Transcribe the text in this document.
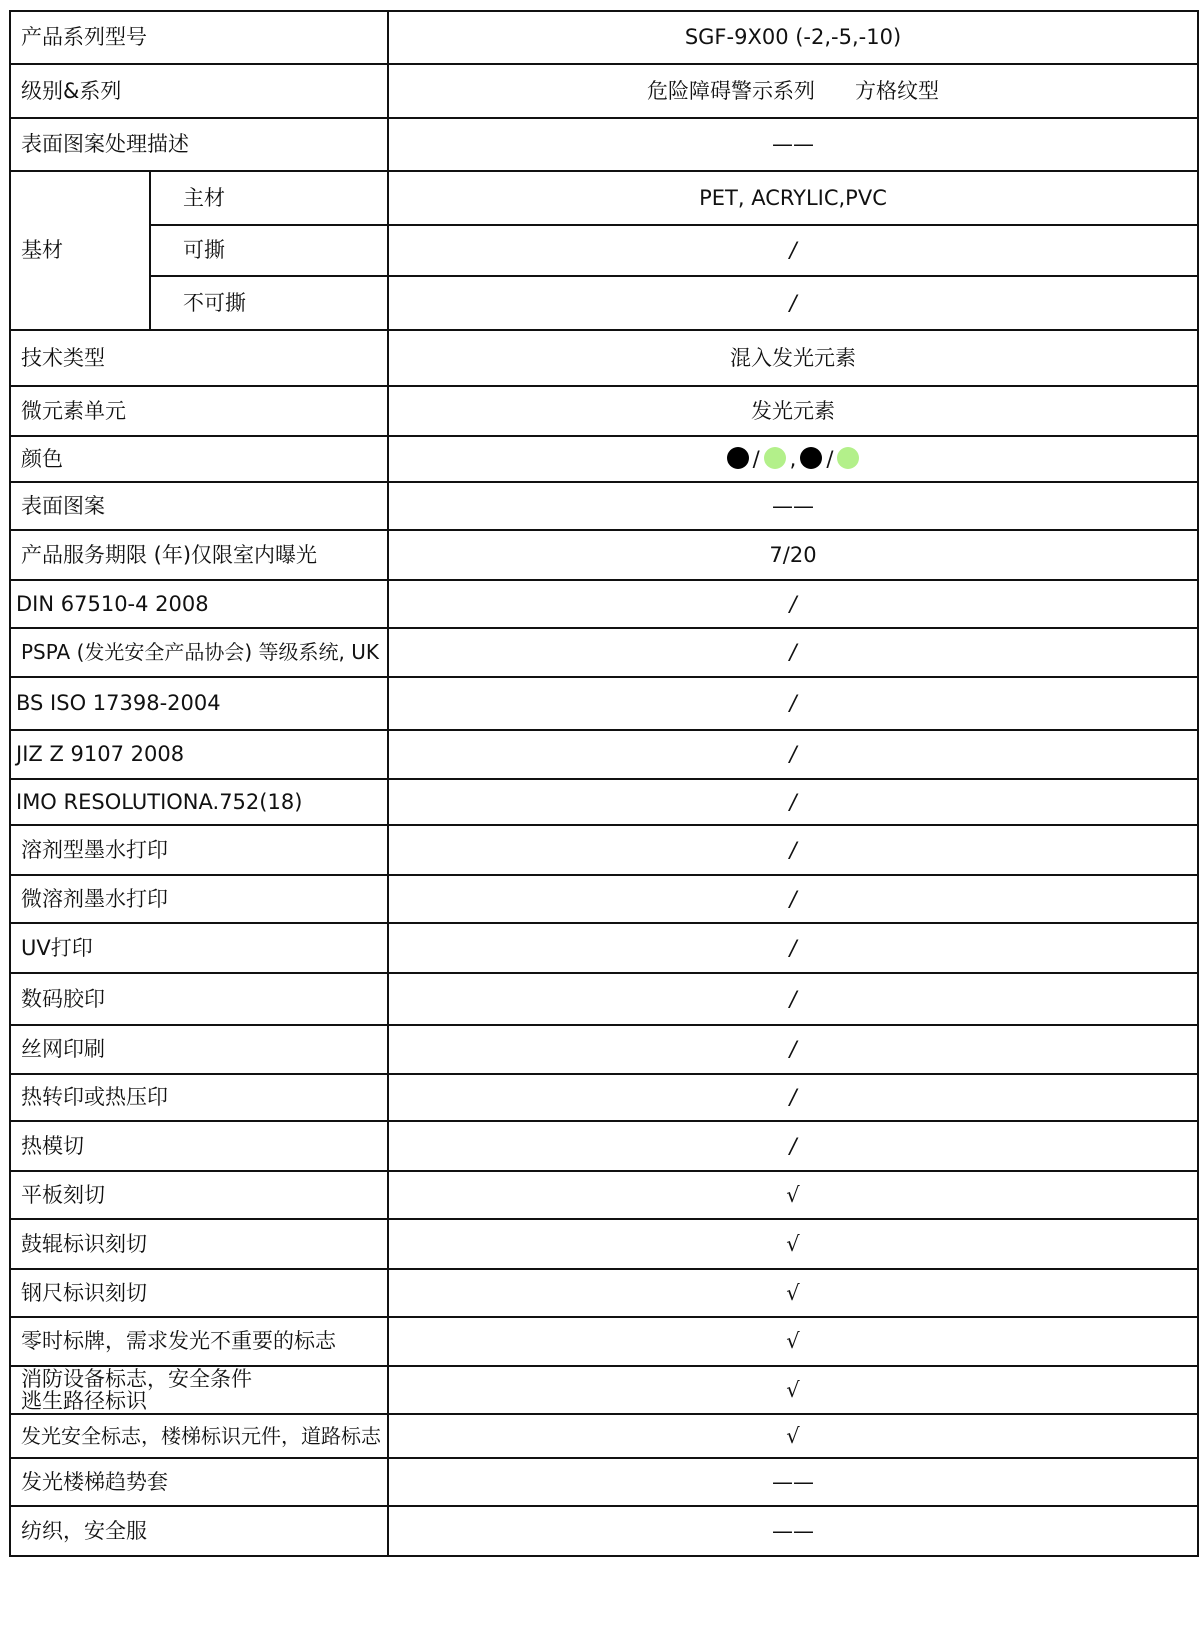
产品系列型号		SGF-9X00 (-2,-5,-10)
级别&系列		危险障碍警示系列      方格纹型
表面图案处理描述		——
基材	主材	PET, ACRYLIC,PVC
	可撕	/
	不可撕	/
技术类型		混入发光元素
微元素单元		发光元素
颜色		/ , /
表面图案		——
产品服务期限 (年)仅限室内曝光		7/20
DIN 67510-4 2008		/
PSPA (发光安全产品协会) 等级系统, UK		/
BS ISO 17398-2004		/
JIZ Z 9107 2008		/
IMO RESOLUTIONA.752(18)		/
溶剂型墨水打印		/
微溶剂墨水打印		/
UV打印		/
数码胶印		/
丝网印刷		/
热转印或热压印		/
热模切		/
平板刻切		√
鼓辊标识刻切		√
钢尺标识刻切		√
零时标牌，需求发光不重要的标志		√

消防设备标志，安全条件
逃生路径标识		√
发光安全标志，楼梯标识元件，道路标志		√
发光楼梯趋势套		——
纺织，安全服		——
